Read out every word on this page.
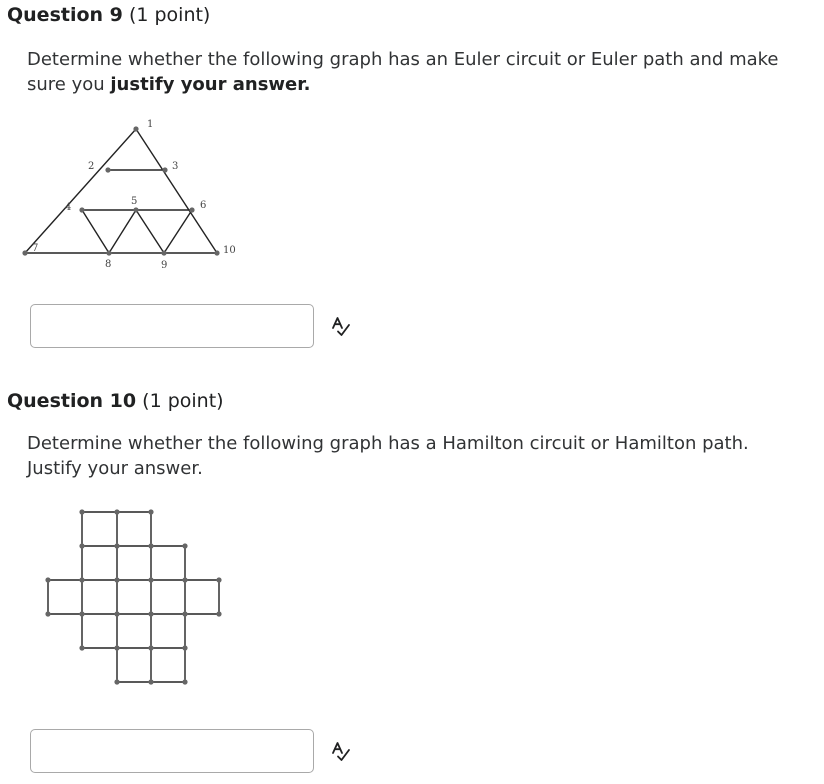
Question 9 (1 point)
Determine whether the following graph has an Euler circuit or Euler path and make sure you justify your answer.
1
2	3
4
5	6
7
8	9
10
Question 10 (1 point)
Determine whether the following graph has a Hamilton circuit or Hamilton path. Justify your answer.
